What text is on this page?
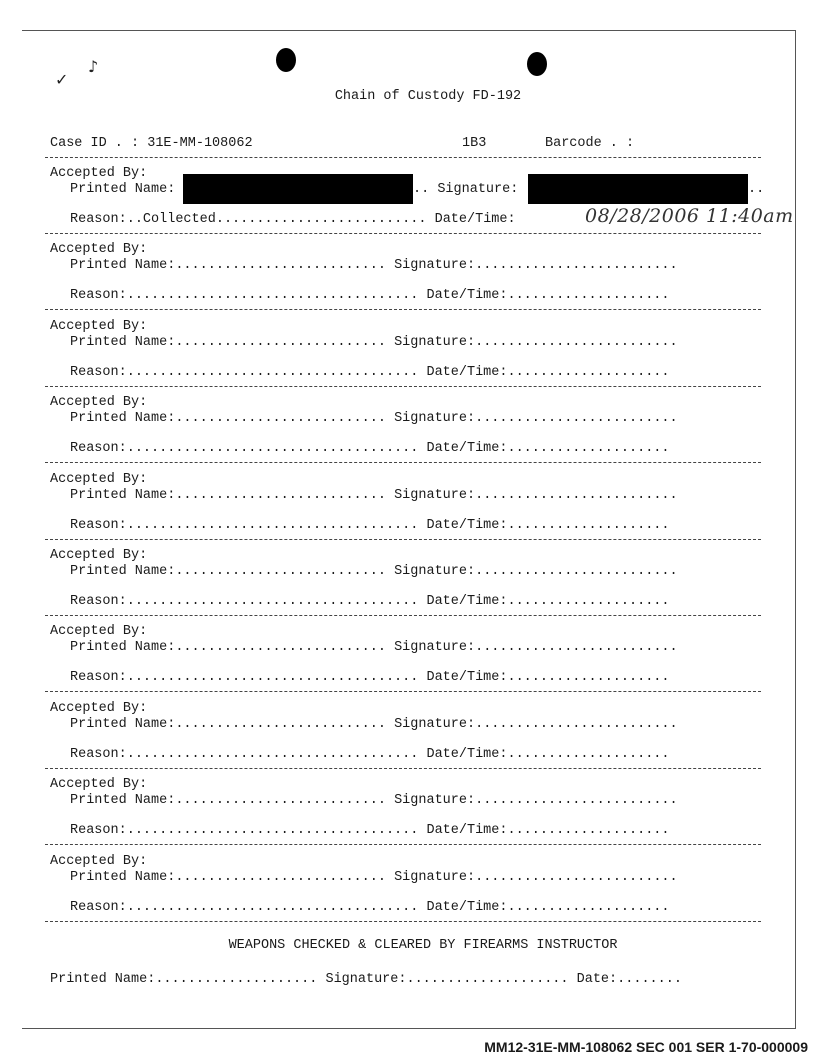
✓
♪
Chain of Custody FD-192
Case ID . : 31E-MM-108062	1B3	Barcode . :
Accepted By:
Printed Name:	.. Signature:	..
Reason:..Collected.......................... Date/Time:	08/28/2006 11:40am
Accepted By:
Printed Name:.......................... Signature:.........................
Reason:.................................... Date/Time:....................
Accepted By:
Printed Name:.......................... Signature:.........................
Reason:.................................... Date/Time:....................
Accepted By:
Printed Name:.......................... Signature:.........................
Reason:.................................... Date/Time:....................
Accepted By:
Printed Name:.......................... Signature:.........................
Reason:.................................... Date/Time:....................
Accepted By:
Printed Name:.......................... Signature:.........................
Reason:.................................... Date/Time:....................
Accepted By:
Printed Name:.......................... Signature:.........................
Reason:.................................... Date/Time:....................
Accepted By:
Printed Name:.......................... Signature:.........................
Reason:.................................... Date/Time:....................
Accepted By:
Printed Name:.......................... Signature:.........................
Reason:.................................... Date/Time:....................
Accepted By:
Printed Name:.......................... Signature:.........................
Reason:.................................... Date/Time:....................
WEAPONS CHECKED & CLEARED BY FIREARMS INSTRUCTOR
Printed Name:.................... Signature:.................... Date:........
MM12-31E-MM-108062 SEC 001 SER 1-70-000009
